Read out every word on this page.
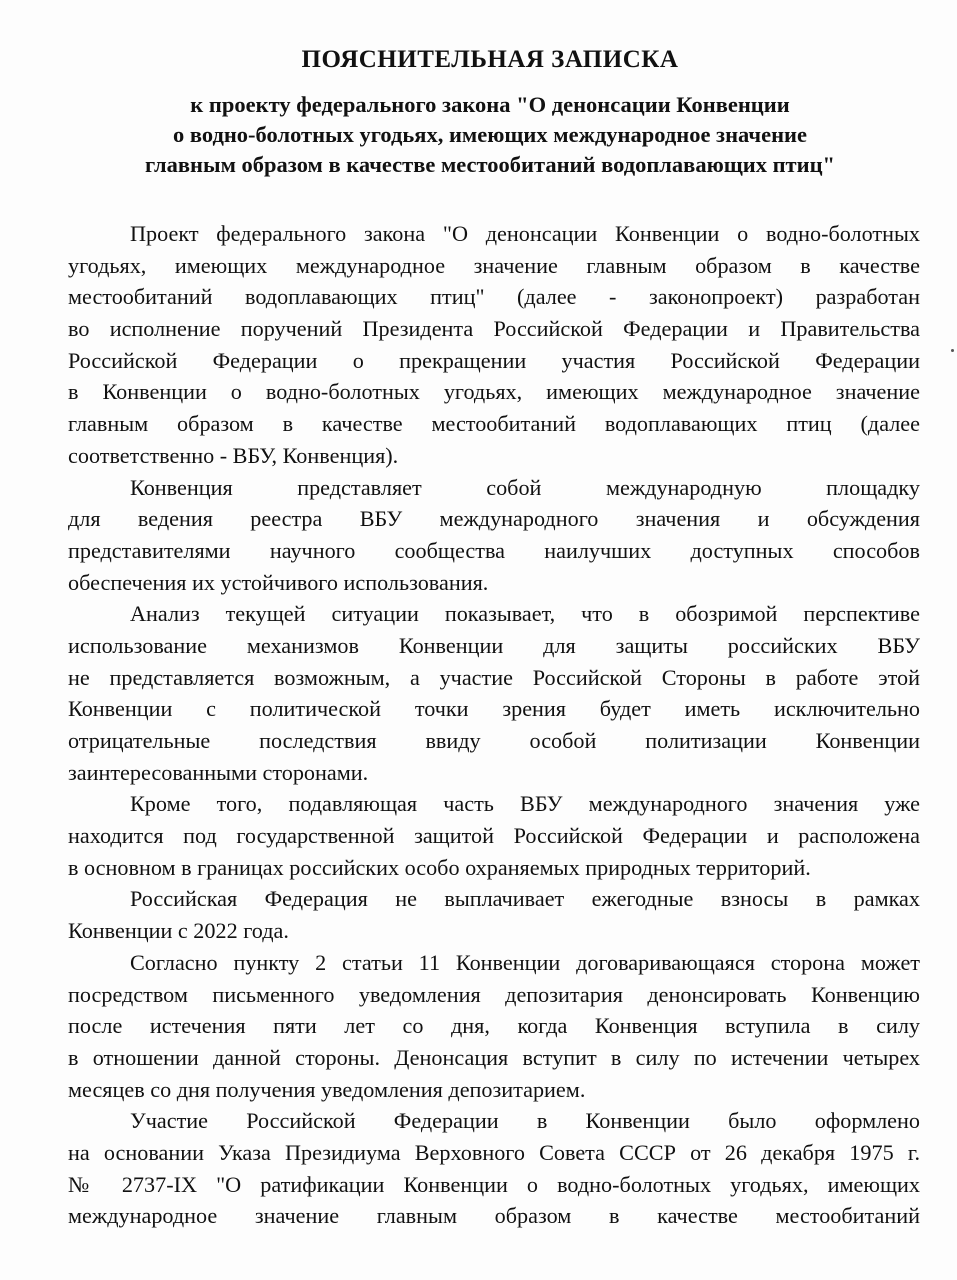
ПОЯСНИТЕЛЬНАЯ ЗАПИСКА
к проекту федерального закона "О денонсации Конвенции
о водно-болотных угодьях, имеющих международное значение
главным образом в качестве местообитаний водоплавающих птиц"
Проект федерального закона "О денонсации Конвенции о водно-болотных
угодьях, имеющих международное значение главным образом в качестве
местообитаний водоплавающих птиц" (далее - законопроект) разработан
во исполнение поручений Президента Российской Федерации и Правительства
Российской Федерации о прекращении участия Российской Федерации
в Конвенции о водно-болотных угодьях, имеющих международное значение
главным образом в качестве местообитаний водоплавающих птиц (далее
соответственно - ВБУ, Конвенция).
Конвенция представляет собой международную площадку
для ведения реестра ВБУ международного значения и обсуждения
представителями научного сообщества наилучших доступных способов
обеспечения их устойчивого использования.
Анализ текущей ситуации показывает, что в обозримой перспективе
использование механизмов Конвенции для защиты российских ВБУ
не представляется возможным, а участие Российской Стороны в работе этой
Конвенции с политической точки зрения будет иметь исключительно
отрицательные последствия ввиду особой политизации Конвенции
заинтересованными сторонами.
Кроме того, подавляющая часть ВБУ международного значения уже
находится под государственной защитой Российской Федерации и расположена
в основном в границах российских особо охраняемых природных территорий.
Российская Федерация не выплачивает ежегодные взносы в рамках
Конвенции с 2022 года.
Согласно пункту 2 статьи 11 Конвенции договаривающаяся сторона может
посредством письменного уведомления депозитария денонсировать Конвенцию
после истечения пяти лет со дня, когда Конвенция вступила в силу
в отношении данной стороны. Денонсация вступит в силу по истечении четырех
месяцев со дня получения уведомления депозитарием.
Участие Российской Федерации в Конвенции было оформлено
на основании Указа Президиума Верховного Совета СССР от 26 декабря 1975 г.
№ 2737-IX "О ратификации Конвенции о водно-болотных угодьях, имеющих
международное значение главным образом в качестве местообитаний
